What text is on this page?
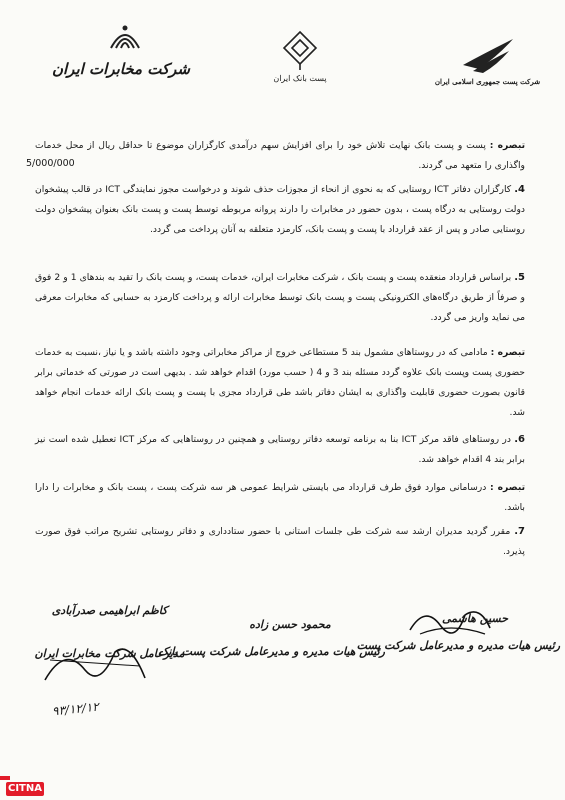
شرکت مخابرات ایران
پست بانک ایران	شرکت پست جمهوری اسلامی ایران
تبصره : پست و پست بانک نهایت تلاش خود را برای افزایش سهم درآمدی کارگزاران موضوع تا حداقل ریال از محل خدمات واگذاری را متعهد می گردند.
5/000/000
4. کارگزاران دفاتر ICT روستایی که به نحوی از انحاء از مجوزات حذف شوند و درخواست مجوز نمایندگی ICT در قالب پیشخوان دولت روستایی به درگاه پست ، بدون حضور در مخابرات را دارند پروانه مربوطه توسط پست و پست بانک بعنوان پیشخوان دولت روستایی صادر و پس از عقد قرارداد با پست و پست بانک، کارمزد متعلقه به آنان پرداخت می گردد.
5. براساس قرارداد منعقده پست و پست بانک ، شرکت مخابرات ایران، خدمات پست، و پست بانک را تقید به بندهای 1 و 2 فوق و صرفاً از طریق درگاه‌های الکترونیکی پست و پست بانک توسط مخابرات ارائه و پرداخت کارمزد به حسابی که مخابرات معرفی می نماید واریز می گردد.
تبصره : مادامی که در روستاهای مشمول بند 5 مستطاعی خروج از مراکز مخابراتی وجود داشته باشد و یا نیاز ،نسبت به خدمات حضوری پست وپست بانک علاوه گردد مسئله بند 3 و 4 ( حسب مورد) اقدام خواهد شد . بدیهی است در صورتی که خدماتی برابر قانون بصورت حضوری قابلیت واگذاری به ایشان دفاتر باشد طی قرارداد مجزی با پست و پست بانک ارائه خدمات انجام خواهد شد.
6. در روستاهای فاقد مرکز ICT بنا به برنامه توسعه دفاتر روستایی و همچنین در روستاهایی که مرکز ICT تعطیل شده است نیز برابر بند 4 اقدام خواهد شد.
تبصره : درسامانی موارد فوق طرف قرارداد می بایستی شرایط عمومی هر سه شرکت پست ، پست بانک و مخابرات را دارا باشد.
7. مقرر گردید مدیران ارشد سه شرکت طی جلسات استانی با حضور ستادداری و دفاتر روستایی تشریح مراتب فوق صورت پذیرد.
حسین هاشمی
رئیس هیات مدیره و مدیرعامل شرکت پست
محمود حسن زاده
رئیس هیات مدیره و مدیرعامل شرکت پست بانک
کاظم ابراهیمی صدرآبادی
مدیرعامل شرکت مخابرات ایران
۹۳/۱۲/۱۲
CITNA
